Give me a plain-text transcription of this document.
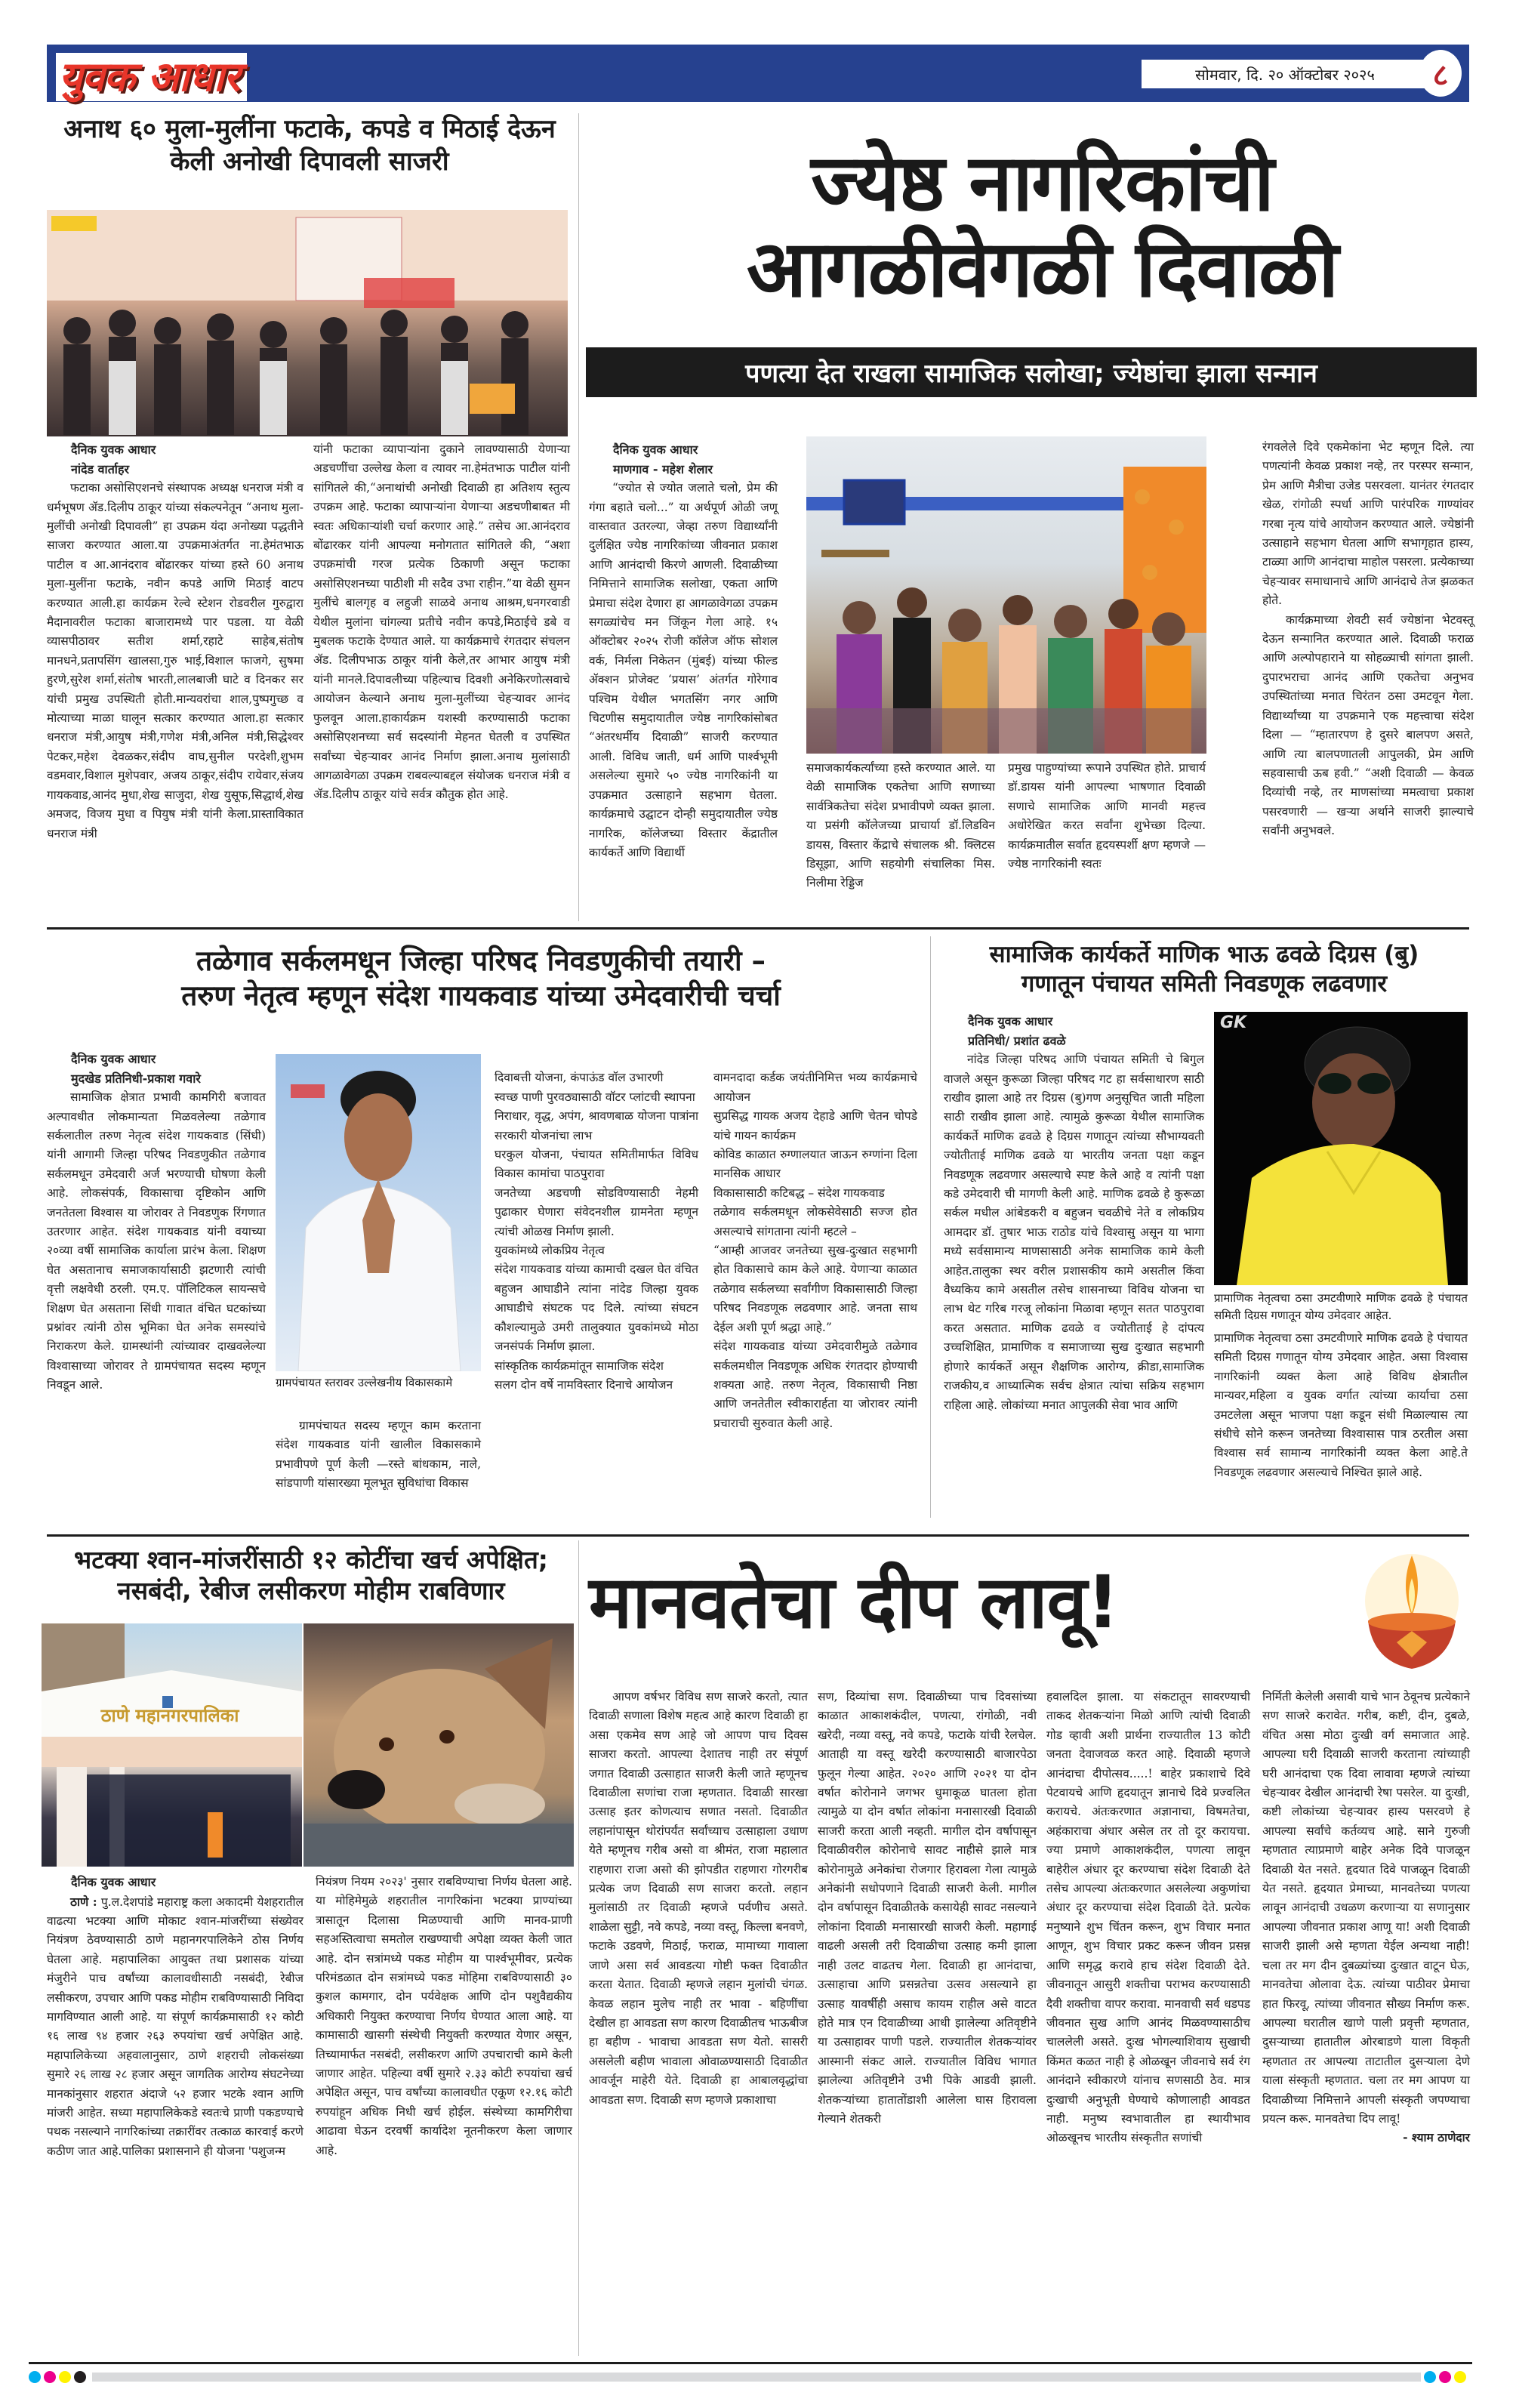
युवक आधार	सोमवार, दि. २० ऑक्टोबर २०२५	८
अनाथ ६० मुला-मुलींना फटाके, कपडे व मिठाई देऊन केली अनोखी दिपावली साजरी
दैनिक युवक आधार
नांदेड वार्ताहर

फटाका असोसिएशनचे संस्थापक अध्यक्ष धनराज मंत्री व धर्मभूषण ॲड.दिलीप ठाकूर यांच्या संकल्पनेतून “अनाथ मुला-मुलींची अनोखी दिपावली” हा उपक्रम यंदा अनोख्या पद्धतीने साजरा करण्यात आला.या उपक्रमाअंतर्गत ना.हेमंतभाऊ पाटील व आ.आनंदराव बोंढारकर यांच्या हस्ते 60 अनाथ मुला-मुलींना फटाके, नवीन कपडे आणि मिठाई वाटप करण्यात आली.हा कार्यक्रम रेल्वे स्टेशन रोडवरील गुरुद्वारा मैदानावरील फटाका बाजारामध्ये पार पडला. या वेळी व्यासपीठावर सतीश शर्मा,रहाटे साहेब,संतोष मानधने,प्रतापसिंग खालसा,गुरु भाई,विशाल फाजगे, सुषमा हुरणे,सुरेश शर्मा,संतोष भारती,लालबाजी घाटे व दिनकर सर यांची प्रमुख उपस्थिती होती.मान्यवरांचा शाल,पुष्पगुच्छ व मोत्याच्या माळा घालून सत्कार करण्यात आला.हा सत्कार धनराज मंत्री,आयुष मंत्री,गणेश मंत्री,अनिल मंत्री,सिद्धेश्वर पेटकर,महेश देवळकर,संदीप वाघ,सुनील परदेशी,शुभम वडमवार,विशाल मुशेपवार, अजय ठाकूर,संदीप रायेवार,संजय गायकवाड,आनंद मुधा,शेख साजुदा, शेख युसूफ,सिद्धार्थ,शेख अमजद, विजय मुधा व पियुष मंत्री यांनी केला.प्रास्ताविकात धनराज मंत्री

यांनी फटाका व्यापाऱ्यांना दुकाने लावण्यासाठी येणाऱ्या अडचणींचा उल्लेख केला व त्यावर ना.हेमंतभाऊ पाटील यांनी सांगितले की,“अनाथांची अनोखी दिवाळी हा अतिशय स्तुत्य उपक्रम आहे. फटाका व्यापाऱ्यांना येणाऱ्या अडचणीबाबत मी स्वतः अधिकाऱ्यांशी चर्चा करणार आहे.” तसेच आ.आनंदराव बोंढारकर यांनी आपल्या मनोगतात सांगितले की, “अशा उपक्रमांची गरज प्रत्येक ठिकाणी असून फटाका असोसिएशनच्या पाठीशी मी सदैव उभा राहीन.”या वेळी सुमन मुलींचे बालगृह व लहुजी साळवे अनाथ आश्रम,धनगरवाडी येथील मुलांना चांगल्या प्रतीचे नवीन कपडे,मिठाईचे डबे व मुबलक फटाके देण्यात आले. या कार्यक्रमाचे रंगतदार संचलन ॲड. दिलीपभाऊ ठाकूर यांनी केले,तर आभार आयुष मंत्री यांनी मानले.दिपावलीच्या पहिल्याच दिवशी अनेकिरणोत्सवाचे आयोजन केल्याने अनाथ मुला-मुलींच्या चेहऱ्यावर आनंद फुलवून आला.हाकार्यक्रम यशस्वी करण्यासाठी फटाका असोसिएशनच्या सर्व सदस्यांनी मेहनत घेतली व उपस्थित सर्वांच्या चेहऱ्यावर आनंद निर्माण झाला.अनाथ मुलांसाठी आगळावेगळा उपक्रम राबवल्याबद्दल संयोजक धनराज मंत्री व ॲड.दिलीप ठाकूर यांचे सर्वत्र कौतुक होत आहे.

ज्येष्ठ नागरिकांची
आगळीवेगळी दिवाळी
पणत्या देत राखला सामाजिक सलोखा; ज्येष्ठांचा झाला सन्मान
दैनिक युवक आधार
माणगाव - महेश शेलार

“ज्योत से ज्योत जलाते चलो, प्रेम की गंगा बहाते चलो...” या अर्थपूर्ण ओळी जणू वास्तवात उतरल्या, जेव्हा तरुण विद्यार्थ्यांनी दुर्लक्षित ज्येष्ठ नागरिकांच्या जीवनात प्रकाश आणि आनंदाची किरणे आणली. दिवाळीच्या निमित्ताने सामाजिक सलोखा, एकता आणि प्रेमाचा संदेश देणारा हा आगळावेगळा उपक्रम सगळ्यांचेच मन जिंकून गेला आहे. १५ ऑक्टोबर २०२५ रोजी कॉलेज ऑफ सोशल वर्क, निर्मला निकेतन (मुंबई) यांच्या फील्ड ॲक्शन प्रोजेक्ट ‘प्रयास’ अंतर्गत गोरेगाव पश्चिम येथील भगतसिंग नगर आणि चिटणीस समुदायातील ज्येष्ठ नागरिकांसोबत “अंतरधर्मीय दिवाळी” साजरी करण्यात आली. विविध जाती, धर्म आणि पार्श्वभूमी असलेल्या सुमारे ५० ज्येष्ठ नागरिकांनी या उपक्रमात उत्साहाने सहभाग घेतला. कार्यक्रमाचे उद्घाटन दोन्ही समुदायातील ज्येष्ठ नागरिक, कॉलेजच्या विस्तार केंद्रातील कार्यकर्ते आणि विद्यार्थी

समाजकार्यकर्त्यांच्या हस्ते करण्यात आले. या वेळी सामाजिक एकतेचा आणि सणाच्या सार्वत्रिकतेचा संदेश प्रभावीपणे व्यक्त झाला. या प्रसंगी कॉलेजच्या प्राचार्या डॉ.लिडविन डायस, विस्तार केंद्राचे संचालक श्री. क्लिटस डिसूझा, आणि सहयोगी संचालिका मिस. निलीमा रेड्डिज

प्रमुख पाहुण्यांच्या रूपाने उपस्थित होते. प्राचार्य डॉ.डायस यांनी आपल्या भाषणात दिवाळी सणाचे सामाजिक आणि मानवी महत्त्व अधोरेखित करत सर्वांना शुभेच्छा दिल्या. कार्यक्रमातील सर्वात हृदयस्पर्शी क्षण म्हणजे — ज्येष्ठ नागरिकांनी स्वतः

रंगवलेले दिवे एकमेकांना भेट म्हणून दिले. त्या पणत्यांनी केवळ प्रकाश नव्हे, तर परस्पर सन्मान, प्रेम आणि मैत्रीचा उजेड पसरवला. यानंतर रंगतदार खेळ, रांगोळी स्पर्धा आणि पारंपरिक गाण्यांवर गरबा नृत्य यांचे आयोजन करण्यात आले. ज्येष्ठांनी उत्साहाने सहभाग घेतला आणि सभागृहात हास्य, टाळ्या आणि आनंदाचा माहोल पसरला. प्रत्येकाच्या चेहऱ्यावर समाधानाचे आणि आनंदाचे तेज झळकत होते.

कार्यक्रमाच्या शेवटी सर्व ज्येष्ठांना भेटवस्तू देऊन सन्मानित करण्यात आले. दिवाळी फराळ आणि अल्पोपहाराने या सोहळ्याची सांगता झाली. दुपारभराचा आनंद आणि एकतेचा अनुभव उपस्थितांच्या मनात चिरंतन ठसा उमटवून गेला. विद्यार्थ्यांच्या या उपक्रमाने एक महत्त्वाचा संदेश दिला — “म्हातारपण हे दुसरे बालपण असते, आणि त्या बालपणातली आपुलकी, प्रेम आणि सहवासाची ऊब हवी.” “अशी दिवाळी — केवळ दिव्यांची नव्हे, तर माणसांच्या ममत्वाचा प्रकाश पसरवणारी — खऱ्या अर्थाने साजरी झाल्याचे सर्वांनी अनुभवले.

तळेगाव सर्कलमधून जिल्हा परिषद निवडणुकीची तयारी –
तरुण नेतृत्व म्हणून संदेश गायकवाड यांच्या उमेदवारीची चर्चा
दैनिक युवक आधार
मुदखेड प्रतिनिधी-प्रकाश गवारे

सामाजिक क्षेत्रात प्रभावी कामगिरी बजावत अल्पावधीत लोकमान्यता मिळवलेल्या तळेगाव सर्कलातील तरुण नेतृत्व संदेश गायकवाड (सिंधी) यांनी आगामी जिल्हा परिषद निवडणुकीत तळेगाव सर्कलमधून उमेदवारी अर्ज भरण्याची घोषणा केली आहे. लोकसंपर्क, विकासाचा दृष्टिकोन आणि जनतेतला विश्वास या जोरावर ते निवडणुक रिंगणात उतरणार आहेत. संदेश गायकवाड यांनी वयाच्या २०व्या वर्षी सामाजिक कार्याला प्रारंभ केला. शिक्षण घेत असतानाच समाजकार्यासाठी झटणारी त्यांची वृत्ती लक्षवेधी ठरली. एम.ए. पॉलिटिकल सायन्सचे शिक्षण घेत असताना सिंधी गावात वंचित घटकांच्या प्रश्नांवर त्यांनी ठोस भूमिका घेत अनेक समस्यांचे निराकरण केले. ग्रामस्थांनी त्यांच्यावर दाखवलेल्या विश्वासाच्या जोरावर ते ग्रामपंचायत सदस्य म्हणून निवडून आले.	ग्रामपंचायत स्तरावर उल्लेखनीय विकासकामे

ग्रामपंचायत सदस्य म्हणून काम करताना संदेश गायकवाड यांनी खालील विकासकामे प्रभावीपणे पूर्ण केली —रस्ते बांधकाम, नाले, सांडपाणी यांसारख्या मूलभूत सुविधांचा विकास

दिवाबत्ती योजना, कंपाऊंड वॉल उभारणी
स्वच्छ पाणी पुरवठ्यासाठी वॉटर प्लांटची स्थापना
निराधार, वृद्ध, अपंग, श्रावणबाळ योजना पात्रांना सरकारी योजनांचा लाभ
घरकुल योजना, पंचायत समितीमार्फत विविध विकास कामांचा पाठपुरावा
जनतेच्या अडचणी सोडविण्यासाठी नेहमी पुढाकार घेणारा संवेदनशील ग्रामनेता म्हणून त्यांची ओळख निर्माण झाली.
युवकांमध्ये लोकप्रिय नेतृत्व
संदेश गायकवाड यांच्या कामाची दखल घेत वंचित बहुजन आघाडीने त्यांना नांदेड जिल्हा युवक आघाडीचे संघटक पद दिले. त्यांच्या संघटन कौशल्यामुळे उमरी तालुक्यात युवकांमध्ये मोठा जनसंपर्क निर्माण झाला.
सांस्कृतिक कार्यक्रमांतून सामाजिक संदेश
सलग दोन वर्षे नामविस्तार दिनाचे आयोजन

वामनदादा कर्डक जयंतीनिमित्त भव्य कार्यक्रमाचे आयोजन
सुप्रसिद्ध गायक अजय देहाडे आणि चेतन चोपडे यांचे गायन कार्यक्रम
कोविड काळात रुग्णालयात जाऊन रुग्णांना दिला मानसिक आधार
विकासासाठी कटिबद्ध – संदेश गायकवाड
तळेगाव सर्कलमधून लोकसेवेसाठी सज्ज होत असल्याचे सांगताना त्यांनी म्हटले –
“आम्ही आजवर जनतेच्या सुख-दुःखात सहभागी होत विकासाचे काम केले आहे. येणाऱ्या काळात तळेगाव सर्कलच्या सर्वांगीण विकासासाठी जिल्हा परिषद निवडणूक लढवणार आहे. जनता साथ देईल अशी पूर्ण श्रद्धा आहे.”
संदेश गायकवाड यांच्या उमेदवारीमुळे तळेगाव सर्कलमधील निवडणूक अधिक रंगतदार होण्याची शक्यता आहे. तरुण नेतृत्व, विकासाची निष्ठा आणि जनतेतील स्वीकारार्हता या जोरावर त्यांनी प्रचाराची सुरुवात केली आहे.

सामाजिक कार्यकर्ते माणिक भाऊ ढवळे दिग्रस (बु)
गणातून पंचायत समिती निवडणूक लढवणार
दैनिक युवक आधार
प्रतिनिधी/ प्रशांत ढवळे

नांदेड जिल्हा परिषद आणि पंचायत समिती चे बिगुल वाजले असून कुरूळा जिल्हा परिषद गट हा सर्वसाधारण साठी राखीव झाला आहे तर दिग्रस (बु)गण अनुसूचित जाती महिला साठी राखीव झाला आहे. त्यामुळे कुरूळा येथील सामाजिक कार्यकर्ते माणिक ढवळे हे दिग्रस गणातून त्यांच्या सौभाग्यवती ज्योतीताई माणिक ढवळे या भारतीय जनता पक्षा कडून निवडणूक लढवणार असल्याचे स्पष्ट केले आहे व त्यांनी पक्षा कडे उमेदवारी ची मागणी केली आहे. माणिक ढवळे हे कुरूळा सर्कल मधील आंबेडकरी व बहुजन चवळीचे नेते व लोकप्रिय आमदार डॉ. तुषार भाऊ राठोड यांचे विश्वासु असून या भागा मध्ये सर्वसामान्य माणसासाठी अनेक सामाजिक कामे केली आहेत.तालुका स्थर वरील प्रशासकीय कामे असतील किंवा वैध्यकिय कामे असतील तसेच शासनाच्या विविध योजना चा लाभ थेट गरिब गरजू लोकांना मिळावा म्हणून सतत पाठपुरावा करत असतात. माणिक ढवळे व ज्योतीताई हे दांपत्य उच्चशिक्षित, प्रामाणिक व समाजाच्या सुख दुःखात सहभागी होणारे कार्यकर्ते असून शैक्षणिक आरोग्य, क्रीडा,सामाजिक राजकीय,व आध्यात्मिक सर्वच क्षेत्रात त्यांचा सक्रिय सहभाग राहिला आहे. लोकांच्या मनात आपुलकी सेवा भाव आणि

GK
प्रामाणिक नेतृत्वचा ठसा उमटवीणारे माणिक ढवळे हे पंचायत समिती दिग्रस गणातून योग्य उमेदवार आहेत.

प्रामाणिक नेतृत्वचा ठसा उमटवीणारे माणिक ढवळे हे पंचायत समिती दिग्रस गणातून योग्य उमेदवार आहेत. असा विश्वास नागरिकांनी व्यक्त केला आहे विविध क्षेत्रातील मान्यवर,महिला व युवक वर्गात त्यांच्या कार्याचा ठसा उमटलेला असून भाजपा पक्षा कडून संधी मिळाल्यास त्या संधीचे सोने करून जनतेच्या विश्वासास पात्र ठरतील असा विश्वास सर्व सामान्य नागरिकांनी व्यक्त केला आहे.ते निवडणूक लढवणार असल्याचे निश्चित झाले आहे.

भटक्या श्वान-मांजरींसाठी १२ कोटींचा खर्च अपेक्षित;
नसबंदी, रेबीज लसीकरण मोहीम राबविणार
ठाणे महानगरपालिका
दैनिक युवक आधार

ठाणे : पु.ल.देशपांडे महाराष्ट्र कला अकादमी येशहरातील वाढत्या भटक्या आणि मोकाट श्वान-मांजरींच्या संख्येवर नियंत्रण ठेवण्यासाठी ठाणे महानगरपालिकेने ठोस निर्णय घेतला आहे. महापालिका आयुक्त तथा प्रशासक यांच्या मंजुरीने पाच वर्षांच्या कालावधीसाठी नसबंदी, रेबीज लसीकरण, उपचार आणि पकड मोहीम राबविण्यासाठी निविदा मागविण्यात आली आहे. या संपूर्ण कार्यक्रमासाठी १२ कोटी १६ लाख ९४ हजार २६३ रुपयांचा खर्च अपेक्षित आहे. महापालिकेच्या अहवालानुसार, ठाणे शहराची लोकसंख्या सुमारे २६ लाख २८ हजार असून जागतिक आरोग्य संघटनेच्या मानकांनुसार शहरात अंदाजे ५२ हजार भटके श्वान आणि मांजरी आहेत. सध्या महापालिकेकडे स्वतःचे प्राणी पकडण्याचे पथक नसल्याने नागरिकांच्या तक्रारींवर तत्काळ कारवाई करणे कठीण जात आहे.पालिका प्रशासनाने ही योजना 'पशुजन्म

नियंत्रण नियम २०२३' नुसार राबविण्याचा निर्णय घेतला आहे. या मोहिमेमुळे शहरातील नागरिकांना भटक्या प्राण्यांच्या त्रासातून दिलासा मिळण्याची आणि मानव-प्राणी सहअस्तित्वाचा समतोल राखण्याची अपेक्षा व्यक्त केली जात आहे. दोन सत्रांमध्ये पकड मोहीम या पार्श्वभूमीवर, प्रत्येक परिमंडळात दोन सत्रांमध्ये पकड मोहिमा राबविण्यासाठी ३० कुशल कामगार, दोन पर्यवेक्षक आणि दोन पशुवैद्यकीय अधिकारी नियुक्त करण्याचा निर्णय घेण्यात आला आहे. या कामासाठी खासगी संस्थेची नियुक्ती करण्यात येणार असून, तिच्यामार्फत नसबंदी, लसीकरण आणि उपचाराची कामे केली जाणार आहेत. पहिल्या वर्षी सुमारे २.३३ कोटी रुपयांचा खर्च अपेक्षित असून, पाच वर्षांच्या कालावधीत एकूण १२.१६ कोटी रुपयांहून अधिक निधी खर्च होईल. संस्थेच्या कामगिरीचा आढावा घेऊन दरवर्षी कार्यादेश नूतनीकरण केला जाणार आहे.

मानवतेचा दीप लावू!

आपण वर्षभर विविध सण साजरे करतो, त्यात दिवाळी सणाला विशेष महत्व आहे कारण दिवाळी हा असा एकमेव सण आहे जो आपण पाच दिवस साजरा करतो. आपल्या देशातच नाही तर संपूर्ण जगात दिवाळी उत्साहात साजरी केली जाते म्हणूनच दिवाळीला सणांचा राजा म्हणतात. दिवाळी सारखा उत्साह इतर कोणत्याच सणात नसतो. दिवाळीत लहानांपासून थोरांपर्यंत सर्वांच्याच उत्साहाला उधाण येते म्हणूनच गरीब असो वा श्रीमंत, राजा महालात राहणारा राजा असो की झोपडीत राहणारा गोरगरीब प्रत्येक जण दिवाळी सण साजरा करतो. लहान मुलांसाठी तर दिवाळी म्हणजे पर्वणीच असते. शाळेला सुट्टी, नवे कपडे, नव्या वस्तू, किल्ला बनवणे, फटाके उडवणे, मिठाई, फराळ, मामाच्या गावाला जाणे असा सर्व आवडत्या गोष्टी फक्त दिवाळीत करता येतात. दिवाळी म्हणजे लहान मुलांची चंगळ. केवळ लहान मुलेच नाही तर भावा - बहिणींचा देखील हा आवडता सण कारण दिवाळीतच भाऊबीज हा बहीण - भावाचा आवडता सण येतो. सासरी असलेली बहीण भावाला ओवाळण्यासाठी दिवाळीत आवर्जून माहेरी येते. दिवाळी हा आबालवृद्धांचा आवडता सण. दिवाळी सण म्हणजे प्रकाशाचा

सण, दिव्यांचा सण. दिवाळीच्या पाच दिवसांच्या काळात आकाशकंदील, पणत्या, रांगोळी, नवी खरेदी, नव्या वस्तू, नवे कपडे, फटाके यांची रेलचेल. आताही या वस्तू खरेदी करण्यासाठी बाजारपेठा फुलून गेल्या आहेत. २०२० आणि २०२१ या दोन वर्षात कोरोनाने जगभर धुमाकूळ घातला होता त्यामुळे या दोन वर्षात लोकांना मनासारखी दिवाळी साजरी करता आली नव्हती. मागील दोन वर्षापासून दिवाळीवरील कोरोनाचे सावट नाहीसे झाले मात्र कोरोनामुळे अनेकांचा रोजगार हिरावला गेला त्यामुळे अनेकांनी सधोपणाने दिवाळी साजरी केली. मागील दोन वर्षापासून दिवाळीतके कसायेही सावट नसल्याने लोकांना दिवाळी मनासारखी साजरी केली. महागाई वाढली असली तरी दिवाळीचा उत्साह कमी झाला नाही उलट वाढतच गेला. दिवाळी हा आनंदाचा, उत्साहाचा आणि प्रसन्नतेचा उत्सव असल्याने हा उत्साह यावर्षीही असाच कायम राहील असे वाटत होते मात्र एन दिवाळीच्या आधी झालेल्या अतिवृष्टीने या उत्साहावर पाणी पडले. राज्यातील शेतकऱ्यांवर आस्मानी संकट आले. राज्यातील विविध भागात झालेल्या अतिवृष्टीने उभी पिके आडवी झाली. शेतकऱ्यांच्या हातातोंडाशी आलेला घास हिरावला गेल्याने शेतकरी

हवालदिल झाला. या संकटातून सावरण्याची ताकद शेतकऱ्यांना मिळो आणि त्यांची दिवाळी गोड व्हावी अशी प्रार्थना राज्यातील 13 कोटी जनता देवाजवळ करत आहे. दिवाळी म्हणजे आनंदाचा दीपोत्सव.....! बाहेर प्रकाशाचे दिवे पेटवायचे आणि हृदयातून ज्ञानाचे दिवे प्रज्वलित करायचे. अंतःकरणात अज्ञानाचा, विषमतेचा, अहंकाराचा अंधार असेल तर तो दूर करायचा. ज्या प्रमाणे आकाशकंदील, पणत्या लावून बाहेरील अंधार दूर करण्याचा संदेश दिवाळी देते तसेच आपल्या अंतःकरणात असलेल्या अकुणांचा अंधार दूर करण्याचा संदेश दिवाळी देते. प्रत्येक मनुष्याने शुभ चिंतन करून, शुभ विचार मनात आणून, शुभ विचार प्रकट करून जीवन प्रसन्न आणि समृद्ध करावे हाच संदेश दिवाळी देते. जीवनातून आसुरी शक्तीचा पराभव करण्यासाठी दैवी शक्तीचा वापर करावा. मानवाची सर्व धडपड जीवनात सुख आणि आनंद मिळवण्यासाठीच चाललेली असते. दुःख भोगल्याशिवाय सुखाची किंमत कळत नाही हे ओळखून जीवनाचे सर्व रंग आनंदाने स्वीकारणे यांनाच सणसाठी ठेव. मात्र दुःखाची अनुभूती घेण्याचे कोणालाही आवडत नाही. मनुष्य स्वभावातील हा स्थायीभाव ओळखूनच भारतीय संस्कृतीत सणांची

निर्मिती केलेली असावी याचे भान ठेवूनच प्रत्येकाने सण साजरे करावेत. गरीब, कष्टी, दीन, दुबळे, वंचित असा मोठा दुःखी वर्ग समाजात आहे. आपल्या घरी दिवाळी साजरी करताना त्यांच्याही घरी आनंदाचा एक दिवा लावावा म्हणजे त्यांच्या चेहऱ्यावर देखील आनंदाची रेषा पसरेल. या दुःखी, कष्टी लोकांच्या चेहऱ्यावर हास्य पसरवणे हे आपल्या सर्वांचे कर्तव्यच आहे. साने गुरुजी म्हणतात त्याप्रमाणे बाहेर अनेक दिवे पाजळून दिवाळी येत नसते. हृदयात दिवे पाजळून दिवाळी येत नसते. हृदयात प्रेमाच्या, मानवतेच्या पणत्या लावून आनंदाची उधळण करणाऱ्या या सणानुसार आपल्या जीवनात प्रकाश आणू या! अशी दिवाळी साजरी झाली असे म्हणता येईल अन्यथा नाही! चला तर मग दीन दुबळ्यांच्या दुःखात वाटून घेऊ, मानवतेचा ओलावा देऊ. त्यांच्या पाठीवर प्रेमाचा हात फिरवू, त्यांच्या जीवनात सौख्य निर्माण करू. आपल्या घरातील खाणे पाली प्रवृत्ती म्हणतात, दुसऱ्याच्या हातातील ओरबाडणे याला विकृती म्हणतात तर आपल्या ताटातील दुसऱ्याला देणे याला संस्कृती म्हणतात. चला तर मग आपण या दिवाळीच्या निमित्ताने आपली संस्कृती जपण्याचा प्रयत्न करू. मानवतेचा दिप लावू!

- श्याम ठाणेदार
